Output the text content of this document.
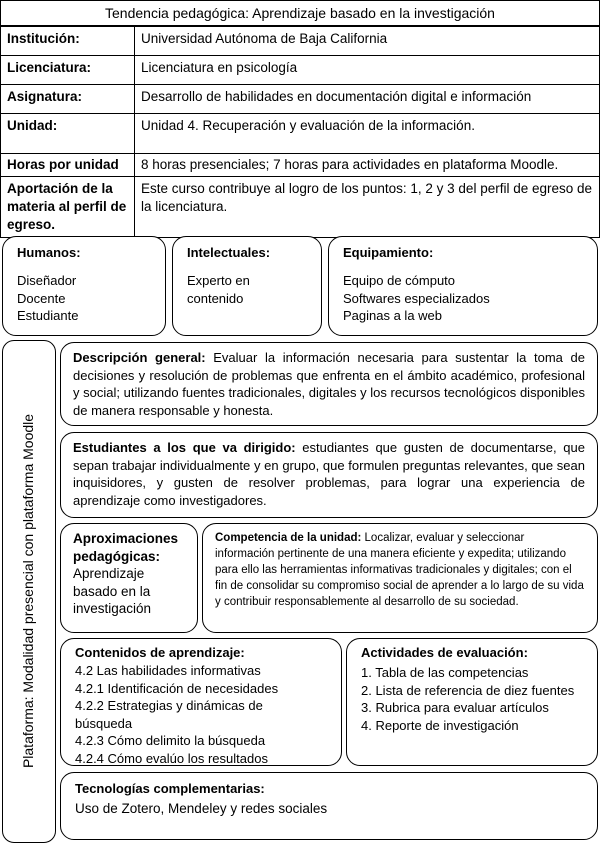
Tendencia pedagógica: Aprendizaje basado en la investigación
Institución:	Universidad Autónoma de Baja California
Licenciatura:	Licenciatura en psicología
Asignatura:	Desarrollo de habilidades en documentación digital e información
Unidad:	Unidad 4. Recuperación y evaluación de la información.
Horas por unidad	8 horas presenciales; 7 horas para actividades en plataforma Moodle.
Aportación de la materia al perfil de egreso.	Este curso contribuye al logro de los puntos: 1, 2 y 3 del perfil de egreso de la licenciatura.
Humanos:
Diseñador
Docente
Estudiante
Intelectuales:
Experto en contenido
Equipamiento:
Equipo de cómputo
Softwares especializados
Paginas a la web
Plataforma: Modalidad presencial con plataforma Moodle
Descripción general: Evaluar la información necesaria para sustentar la toma de decisiones y resolución de problemas que enfrenta en el ámbito académico, profesional y social; utilizando fuentes tradicionales, digitales y los recursos tecnológicos disponibles de manera responsable y honesta.
Estudiantes a los que va dirigido: estudiantes que gusten de documentarse, que sepan trabajar individualmente y en grupo, que formulen preguntas relevantes, que sean inquisidores, y gusten de resolver problemas, para lograr una experiencia de aprendizaje como investigadores.
Aproximaciones pedagógicas:
Aprendizaje basado en la investigación
Competencia de la unidad: Localizar, evaluar y seleccionar información pertinente de una manera eficiente y expedita; utilizando para ello las herramientas informativas tradicionales y digitales; con el fin de consolidar su compromiso social de aprender a lo largo de su vida y contribuir responsablemente al desarrollo de su sociedad.
Contenidos de aprendizaje:
4.2 Las habilidades informativas
4.2.1 Identificación de necesidades
4.2.2 Estrategias y dinámicas de búsqueda
4.2.3 Cómo delimito la búsqueda
4.2.4 Cómo evalúo los resultados
Actividades de evaluación:
1. Tabla de las competencias
2. Lista de referencia de diez fuentes
3. Rubrica para evaluar artículos
4. Reporte de investigación
Tecnologías complementarias:
Uso de Zotero, Mendeley y redes sociales
